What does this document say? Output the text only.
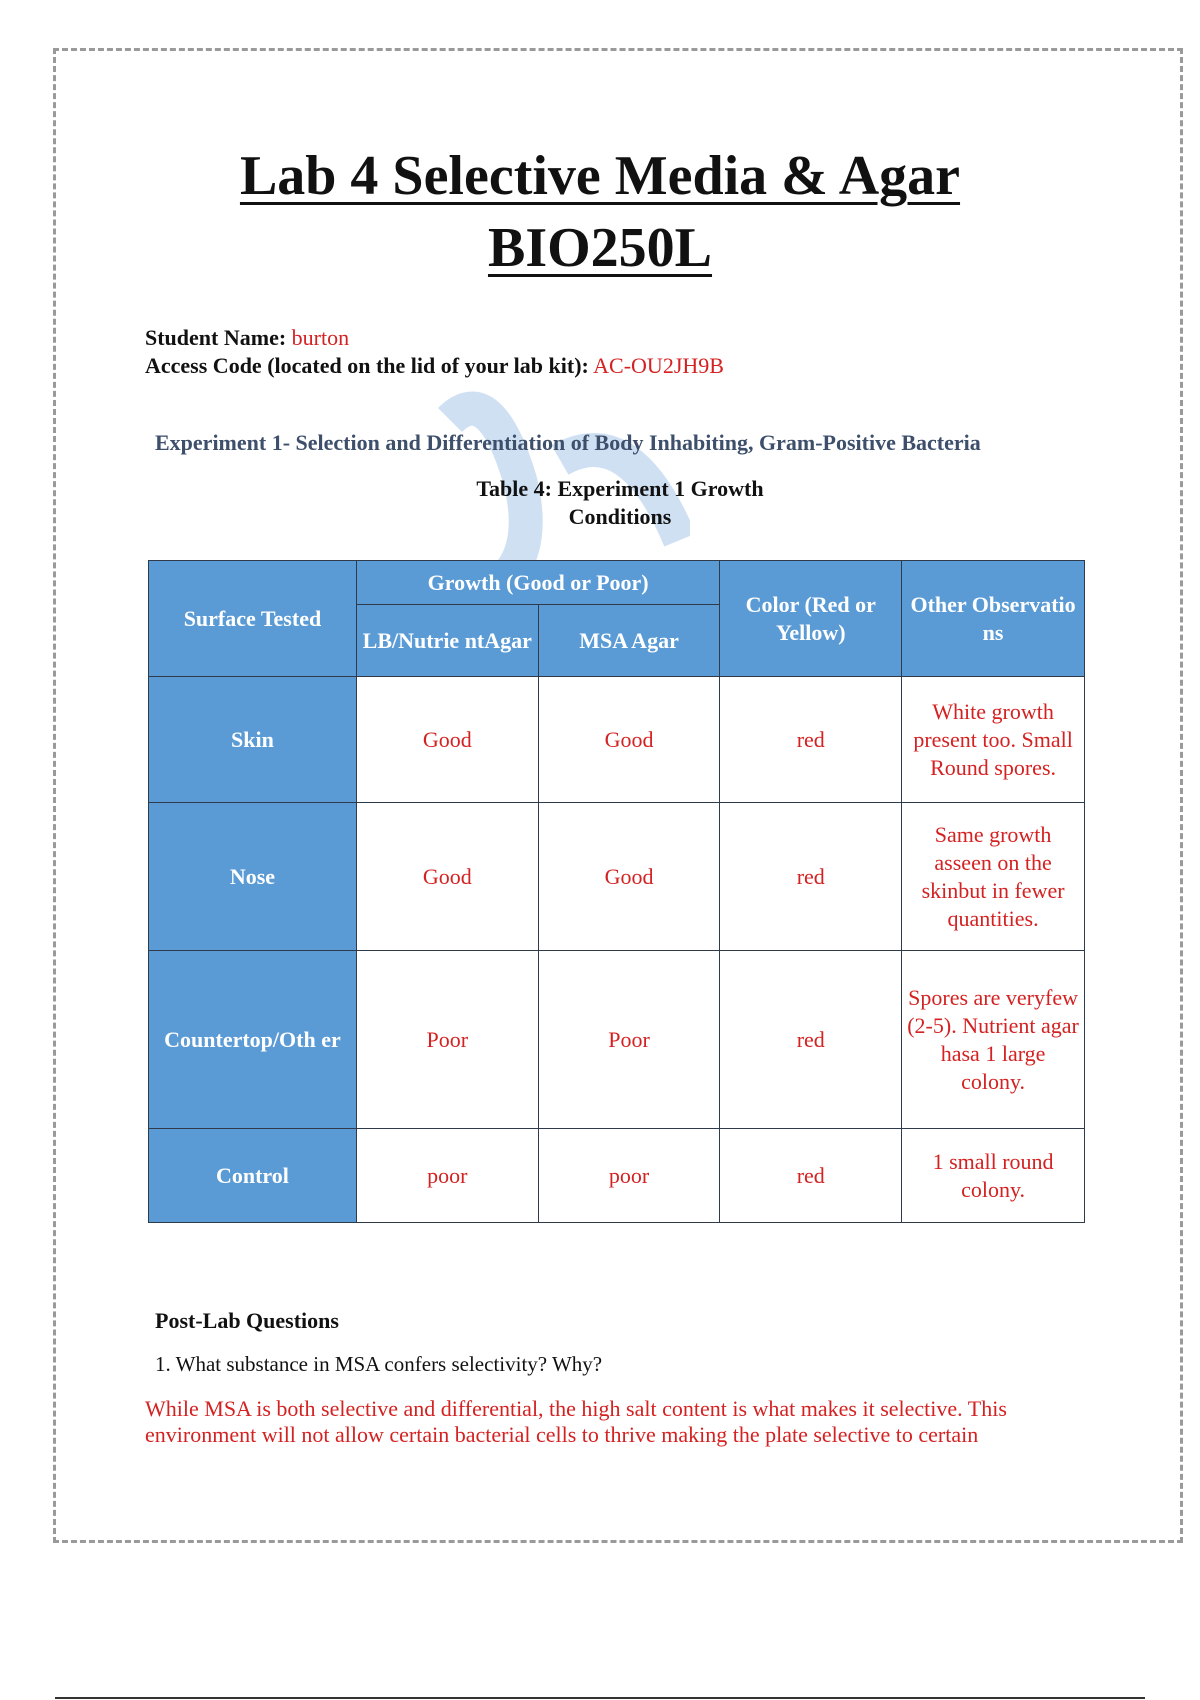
Lab 4 Selective Media & Agar
BIO250L
Student Name: burton
Access Code (located on the lid of your lab kit): AC-OU2JH9B
Experiment 1- Selection and Differentiation of Body Inhabiting, Gram-Positive Bacteria
Table 4: Experiment 1 Growth
Conditions
Surface Tested	Growth (Good or Poor)		Color (Red or Yellow)	Other Observatio ns
	LB/Nutrie ntAgar	MSA Agar		
Skin	Good	Good	red	White growth present too. Small Round spores.
Nose	Good	Good	red	Same growth asseen on the skinbut in fewer quantities.
Countertop/Oth er	Poor	Poor	red	Spores are veryfew (2-5). Nutrient agar hasa 1 large colony.
Control	poor	poor	red	1 small round colony.
Post-Lab Questions
1. What substance in MSA confers selectivity? Why?
While MSA is both selective and differential, the high salt content is what makes it selective. This environment will not allow certain bacterial cells to thrive making the plate selective to certain
